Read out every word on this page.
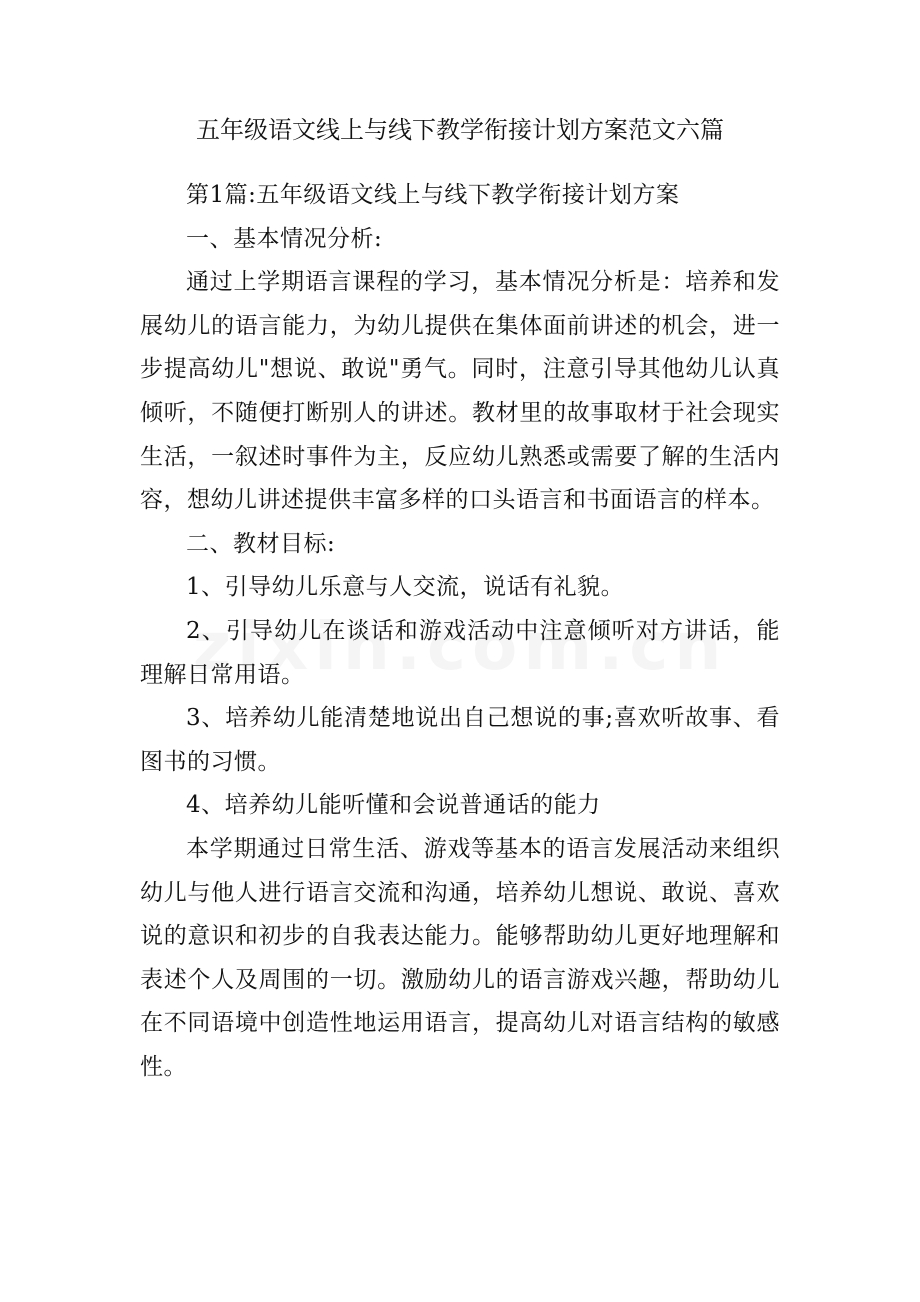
五年级语文线上与线下教学衔接计划方案范文六篇

第1篇:五年级语文线上与线下教学衔接计划方案

一、基本情况分析:

通过上学期语言课程的学习，基本情况分析是：培养和发展幼儿的语言能力，为幼儿提供在集体面前讲述的机会，进一步提高幼儿"想说、敢说"勇气。同时，注意引导其他幼儿认真倾听，不随便打断别人的讲述。教材里的故事取材于社会现实生活，一叙述时事件为主，反应幼儿熟悉或需要了解的生活内容，想幼儿讲述提供丰富多样的口头语言和书面语言的样本。

二、教材目标:

1、引导幼儿乐意与人交流，说话有礼貌。

2、引导幼儿在谈话和游戏活动中注意倾听对方讲话，能理解日常用语。

3、培养幼儿能清楚地说出自己想说的事;喜欢听故事、看图书的习惯。

4、培养幼儿能听懂和会说普通话的能力

本学期通过日常生活、游戏等基本的语言发展活动来组织幼儿与他人进行语言交流和沟通，培养幼儿想说、敢说、喜欢说的意识和初步的自我表达能力。能够帮助幼儿更好地理解和表述个人及周围的一切。激励幼儿的语言游戏兴趣，帮助幼儿在不同语境中创造性地运用语言，提高幼儿对语言结构的敏感性。
